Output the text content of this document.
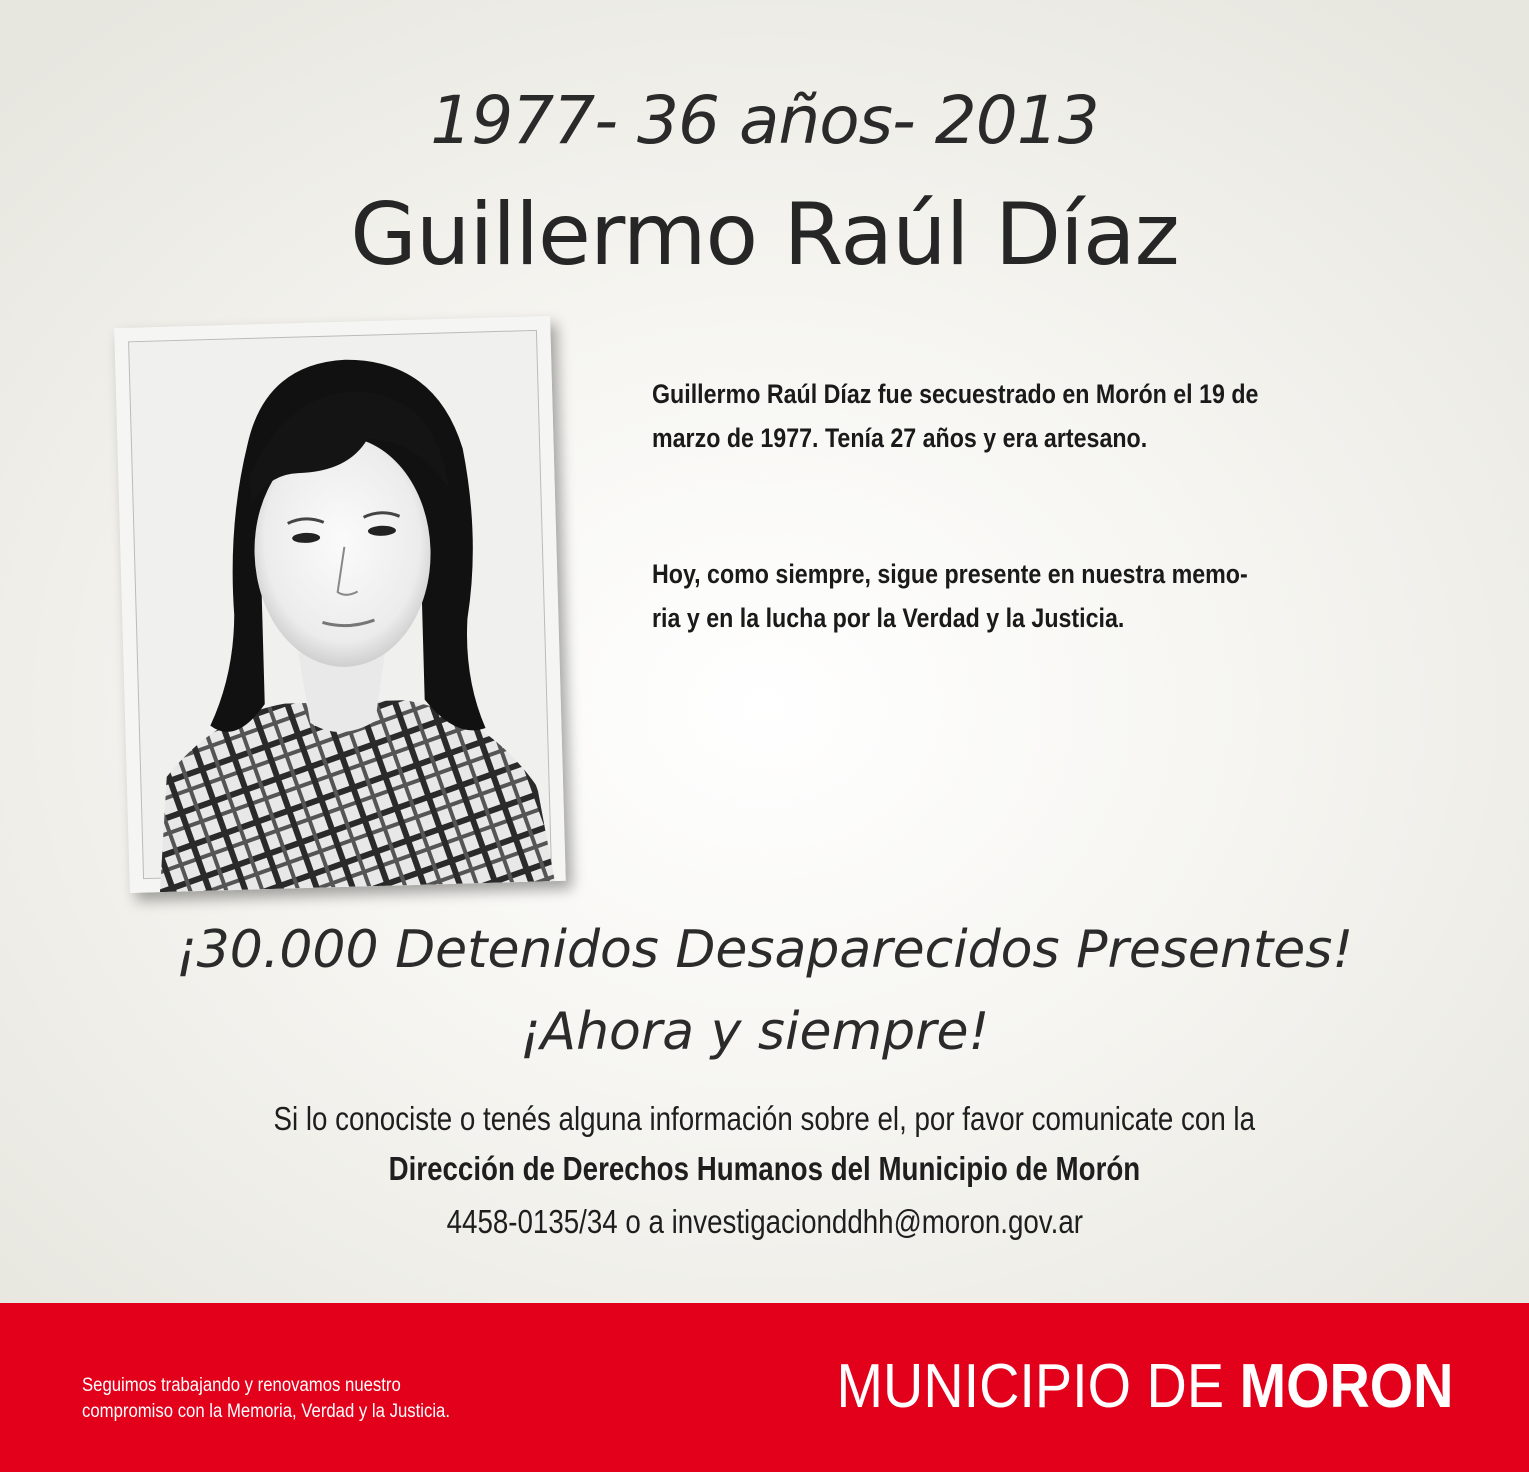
1977- 36 años- 2013
Guillermo Raúl Díaz

Guillermo Raúl Díaz fue secuestrado en Morón el 19 de
marzo de 1977. Tenía 27 años y era artesano.

Hoy, como siempre, sigue presente en nuestra memo-
ria y en la lucha por la Verdad y la Justicia.

¡30.000 Detenidos Desaparecidos Presentes!
¡Ahora y siempre!
Si lo conociste o tenés alguna información sobre el, por favor comunicate con la
Dirección de Derechos Humanos del Municipio de Morón
4458-0135/34 o a investigacionddhh@moron.gov.ar

Seguimos trabajando y renovamos nuestro
compromiso con la Memoria, Verdad y la Justicia.	MUNICIPIO DE MORON
